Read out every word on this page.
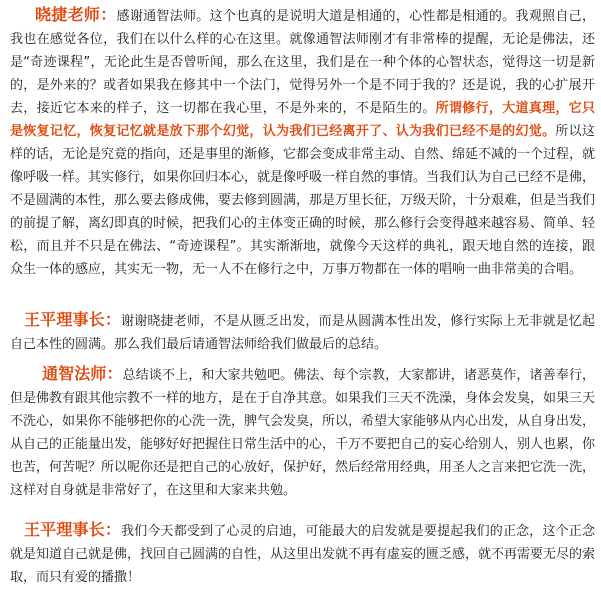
晓捷老师：感谢通智法师。这个也真的是说明大道是相通的，心性都是相通的。我观照自己，我也在感觉各位，我们在以什么样的心在这里。就像通智法师刚才有非常棒的提醒，无论是佛法，还是“奇迹课程”，无论此生是否曾听闻，那么在这里，我们是在一种个体的心智状态，觉得这一切是新的，是外来的？或者如果我在修其中一个法门，觉得另外一个是不同于我的？还是说，我的心扩展开去，接近它本来的样子，这一切都在我心里，不是外来的，不是陌生的。所谓修行，大道真理，它只是恢复记忆，恢复记忆就是放下那个幻觉，认为我们已经离开了、认为我们已经不是的幻觉。所以这样的话，无论是究竟的指向，还是事里的渐修，它都会变成非常主动、自然、绵延不减的一个过程，就像呼吸一样。其实修行，如果你回归本心，就是像呼吸一样自然的事情。当我们认为自己已经不是佛，不是圆满的本性，那么要去修成佛，要去修到圆满，那是万里长征，万级天阶，十分艰难，但是当我们的前提了解，离幻即真的时候，把我们心的主体变正确的时候，那么修行会变得越来越容易、简单、轻松，而且并不只是在佛法、“奇迹课程”。其实渐渐地，就像今天这样的典礼，跟天地自然的连接，跟众生一体的感应，其实无一物，无一人不在修行之中，万事万物都在一体的唱响一曲非常美的合唱。

王平理事长：谢谢晓捷老师，不是从匮乏出发，而是从圆满本性出发，修行实际上无非就是忆起自己本性的圆满。那么我们最后请通智法师给我们做最后的总结。

通智法师：总结谈不上，和大家共勉吧。佛法、每个宗教，大家都讲，诸恶莫作，诸善奉行，但是佛教有跟其他宗教不一样的地方，是在于自净其意。如果我们三天不洗澡，身体会发臭，如果三天不洗心，如果你不能够把你的心洗一洗，脾气会发臭，所以，希望大家能够从内心出发，从自身出发，从自己的正能量出发，能够好好把握住日常生活中的心，千万不要把自己的妄心给别人，别人也累，你也苦，何苦呢？所以呢你还是把自己的心放好，保护好，然后经常用经典，用圣人之言来把它洗一洗，这样对自身就是非常好了，在这里和大家来共勉。

王平理事长：我们今天都受到了心灵的启迪，可能最大的启发就是要提起我们的正念，这个正念就是知道自己就是佛，找回自己圆满的自性，从这里出发就不再有虚妄的匮乏感，就不再需要无尽的索取，而只有爱的播撒！
